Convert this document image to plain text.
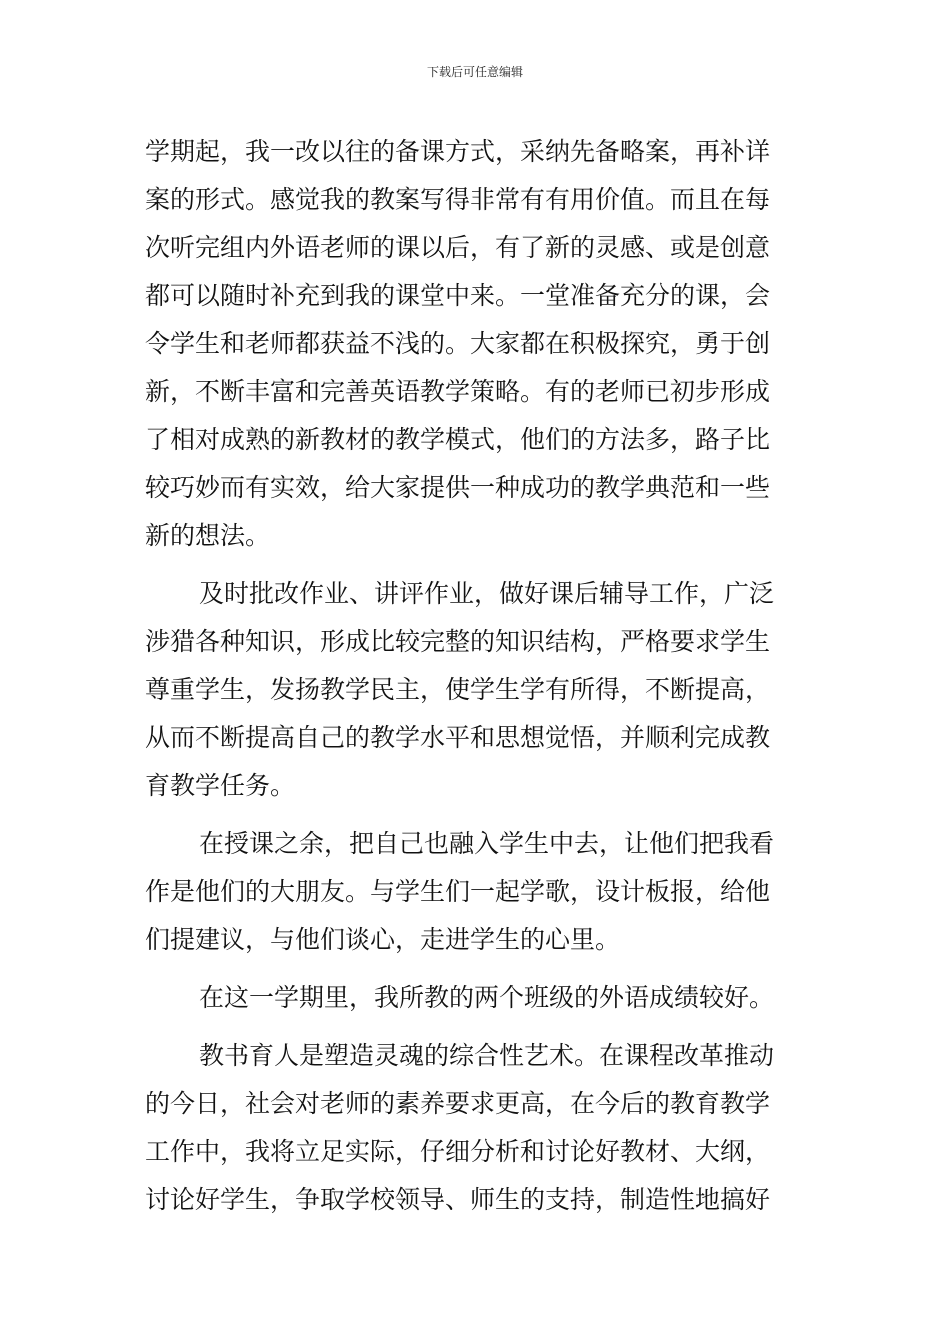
下载后可任意编辑
学期起，我一改以往的备课方式，采纳先备略案，再补详
案的形式。感觉我的教案写得非常有有用价值。而且在每
次听完组内外语老师的课以后，有了新的灵感、或是创意
都可以随时补充到我的课堂中来。一堂准备充分的课，会
令学生和老师都获益不浅的。大家都在积极探究，勇于创
新，不断丰富和完善英语教学策略。有的老师已初步形成
了相对成熟的新教材的教学模式，他们的方法多，路子比
较巧妙而有实效，给大家提供一种成功的教学典范和一些
新的想法。
及时批改作业、讲评作业，做好课后辅导工作，广泛
涉猎各种知识，形成比较完整的知识结构，严格要求学生
尊重学生，发扬教学民主，使学生学有所得，不断提高，
从而不断提高自己的教学水平和思想觉悟，并顺利完成教
育教学任务。
在授课之余，把自己也融入学生中去，让他们把我看
作是他们的大朋友。与学生们一起学歌，设计板报，给他
们提建议，与他们谈心，走进学生的心里。
在这一学期里，我所教的两个班级的外语成绩较好。
教书育人是塑造灵魂的综合性艺术。在课程改革推动
的今日，社会对老师的素养要求更高，在今后的教育教学
工作中，我将立足实际，仔细分析和讨论好教材、大纲，
讨论好学生，争取学校领导、师生的支持，制造性地搞好
